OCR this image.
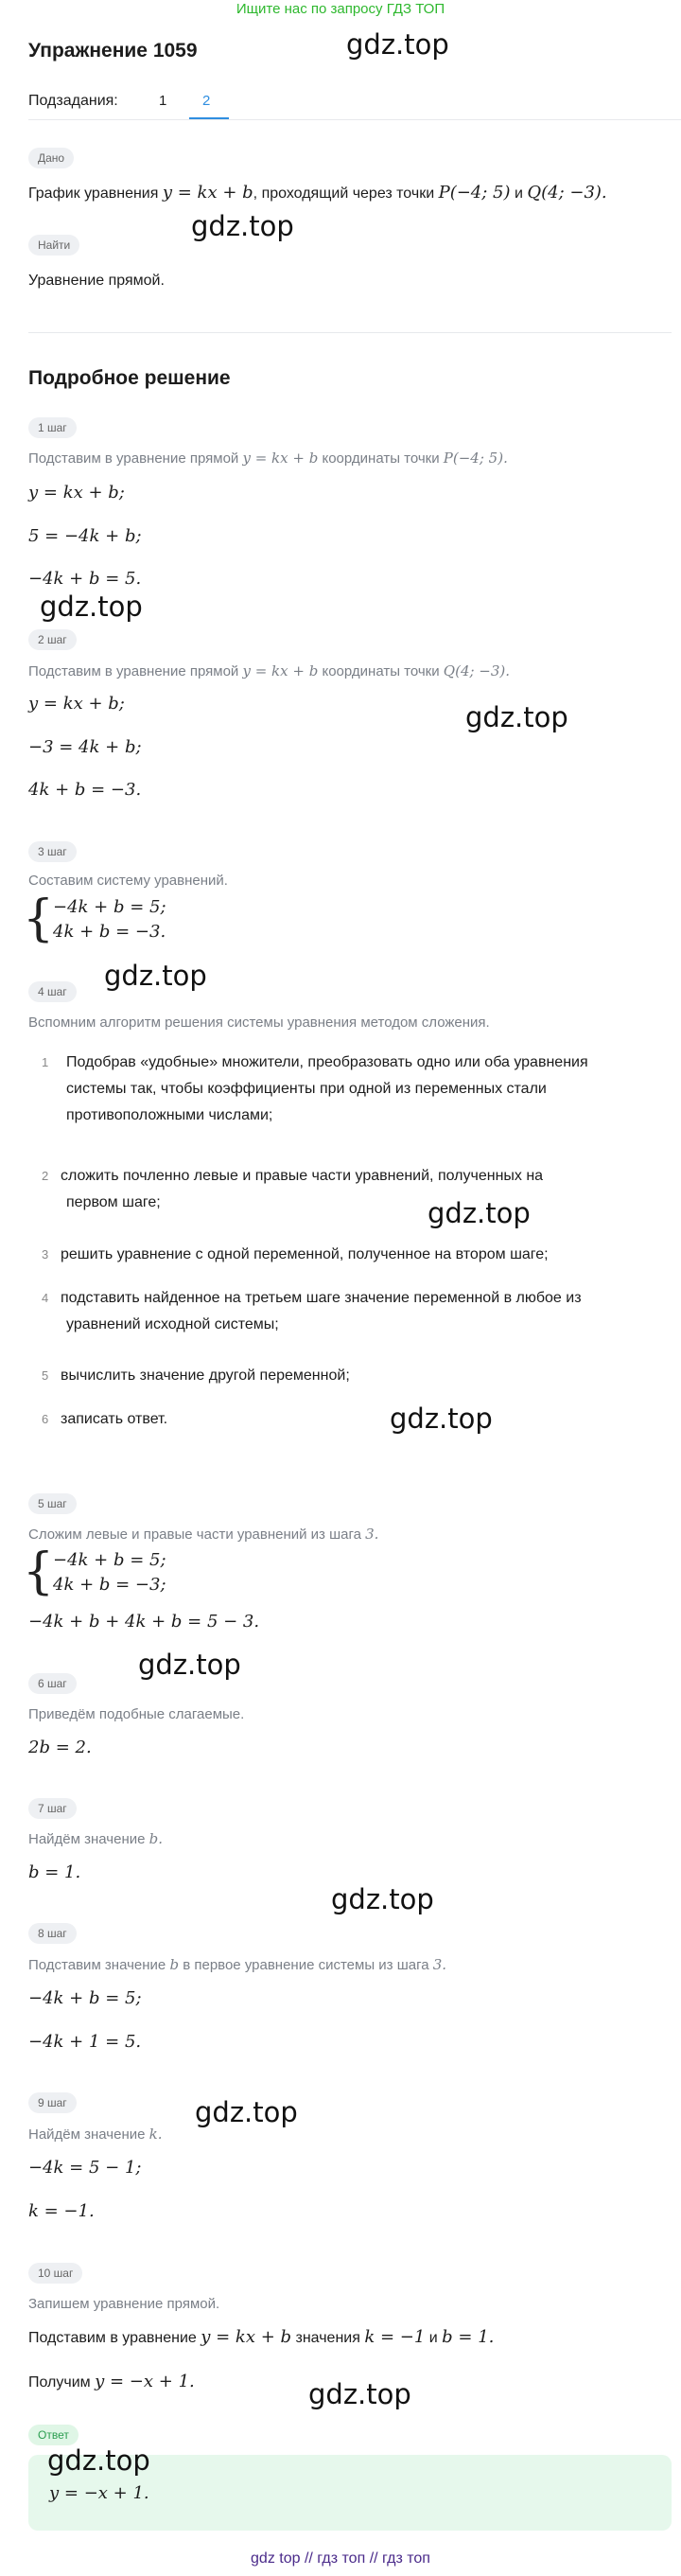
Ищите нас по запросу ГДЗ ТОП
Упражнение 1059
Подзадания:	1	2
Дано
График уравнения y = kx + b, проходящий через точки P(−4; 5) и Q(4; −3).
Найти
Уравнение прямой.
Подробное решение
1 шаг
Подставим в уравнение прямой y = kx + b координаты точки P(−4; 5).
y = kx + b;
5 = −4k + b;
−4k + b = 5.
2 шаг
Подставим в уравнение прямой y = kx + b координаты точки Q(4; −3).
y = kx + b;
−3 = 4k + b;
4k + b = −3.
3 шаг
Составим систему уравнений.
{
−4k + b = 5;
4k + b = −3.
4 шаг
Вспомним алгоритм решения системы уравнения методом сложения.
1 Подобрав «удобные» множители, преобразовать одно или оба уравнения
системы так, чтобы коэффициенты при одной из переменных стали
противоположными числами;
2 сложить почленно левые и правые части уравнений, полученных на
первом шаге;
3 решить уравнение с одной переменной, полученное на втором шаге;
4 подставить найденное на третьем шаге значение переменной в любое из
уравнений исходной системы;
5 вычислить значение другой переменной;
6 записать ответ.
5 шаг
Сложим левые и правые части уравнений из шага 3.
{
−4k + b = 5;
4k + b = −3;
−4k + b + 4k + b = 5 − 3.
6 шаг
Приведём подобные слагаемые.
2b = 2.
7 шаг
Найдём значение b.
b = 1.
8 шаг
Подставим значение b в первое уравнение системы из шага 3.
−4k + b = 5;
−4k + 1 = 5.
9 шаг
Найдём значение k.
−4k = 5 − 1;
k = −1.
10 шаг
Запишем уравнение прямой.
Подставим в уравнение y = kx + b значения k = −1 и b = 1.
Получим y = −x + 1.
Ответ
y = −x + 1.
gdz top // гдз топ // гдз топ
gdz.top
gdz.top
gdz.top
gdz.top
gdz.top
gdz.top
gdz.top
gdz.top
gdz.top
gdz.top
gdz.top
gdz.top
